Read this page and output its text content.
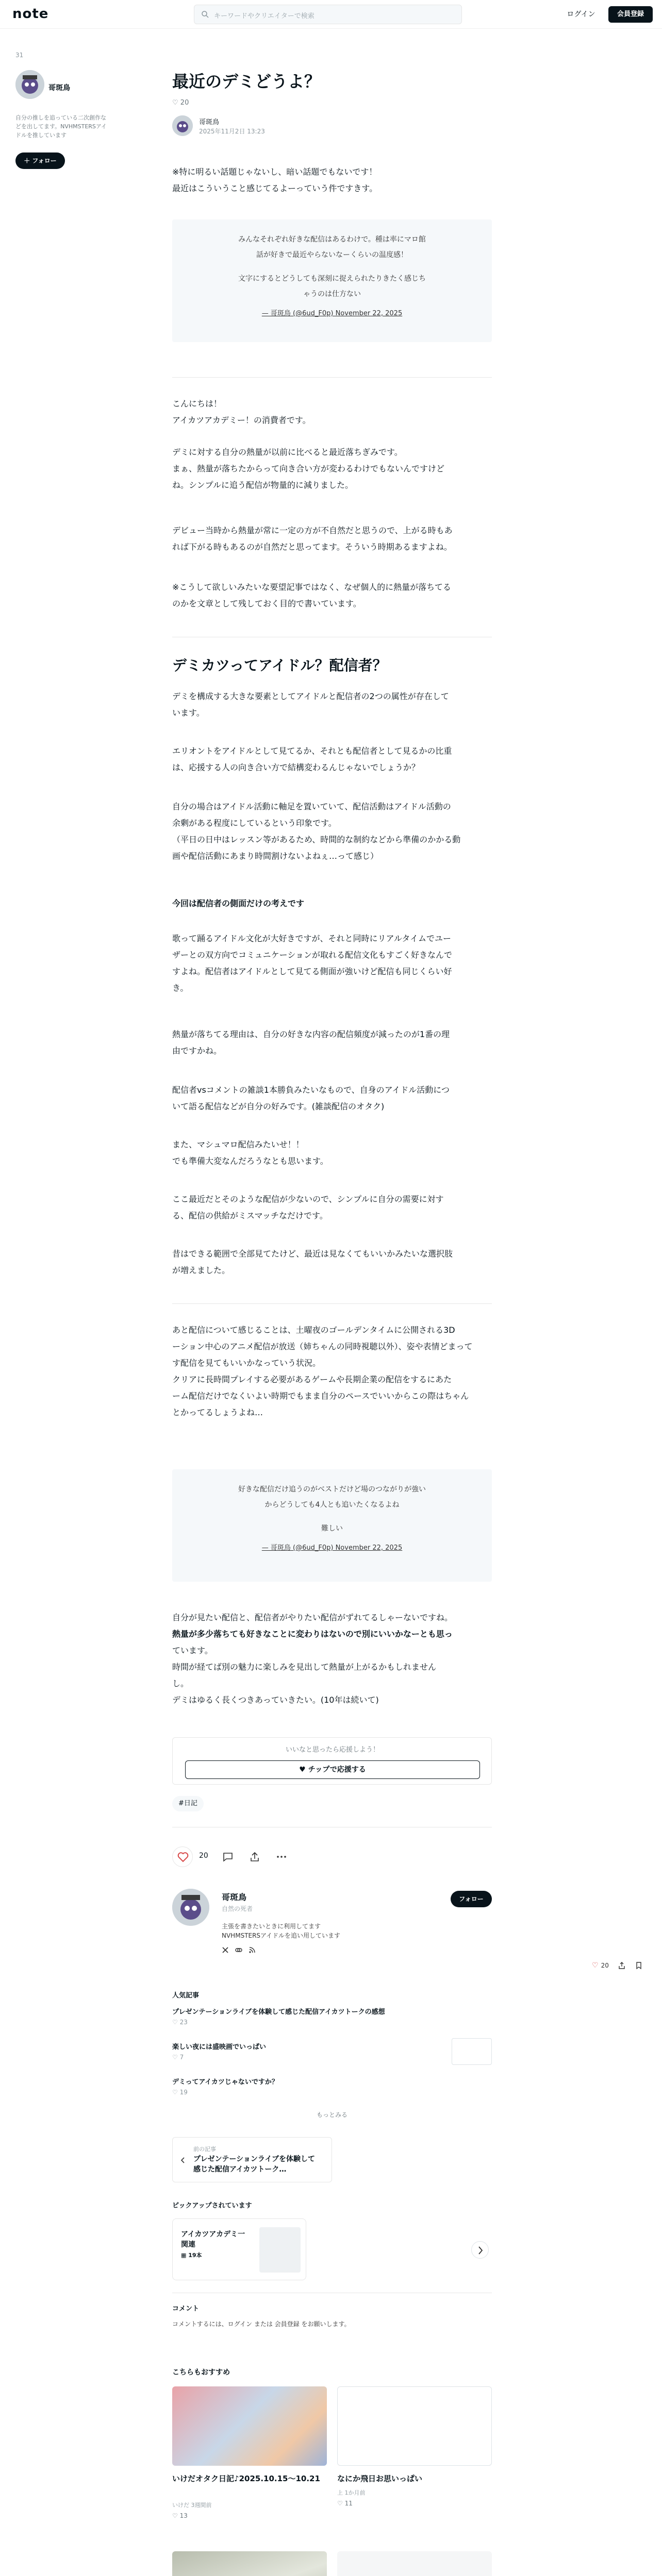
note	キーワードやクリエイターで検索	ログイン	会員登録
31
哥斑鳥
自分の推しを追っている二次創作などを出してます。NVHMSTERSアイドルを推しています
＋ フォロー
最近のデミどうよ？
♡ 20
哥斑鳥
2025年11月2日 13:23
※特に明るい話題じゃないし、暗い話題でもないです！
最近はこういうこと感じてるよーっていう件ですきす。
みんなそれぞれ好きな配信はあるわけで。種は率にマロ館
話が好きで最近やらないなーくらいの温度感！
文字にするとどうしても深刻に捉えられたりきたく感じち
ゃうのは仕方ない
— 哥斑鳥 (@6ud_F0p) November 22, 2025
こんにちは！
アイカツアカデミー！の消費者です。
デミに対する自分の熱量が以前に比べると最近落ちぎみです。
まぁ、熱量が落ちたからって向き合い方が変わるわけでもないんですけど
ね。シンプルに追う配信が物量的に減りました。
デビュー当時から熱量が常に一定の方が不自然だと思うので、上がる時もあ
れば下がる時もあるのが自然だと思ってます。そういう時期あるますよね。
※こうして欲しいみたいな要望記事ではなく、なぜ個人的に熱量が落ちてる
のかを文章として残しておく目的で書いています。
デミカツってアイドル？配信者？
デミを構成する大きな要素としてアイドルと配信者の2つの属性が存在して
います。
エリオントをアイドルとして見てるか、それとも配信者として見るかの比重
は、応援する人の向き合い方で結構変わるんじゃないでしょうか？
自分の場合はアイドル活動に軸足を置いていて、配信活動はアイドル活動の
余剰がある程度にしているという印象です。
（平日の日中はレッスン等があるため、時間的な制約などから準備のかかる動
画や配信活動にあまり時間割けないよねぇ…って感じ）
今回は配信者の側面だけの考えです
歌って踊るアイドル文化が大好きですが、それと同時にリアルタイムでユー
ザーとの双方向でコミュニケーションが取れる配信文化もすごく好きなんで
すよね。配信者はアイドルとして見てる側面が強いけど配信も同じくらい好
き。
熱量が落ちてる理由は、自分の好きな内容の配信頻度が減ったのが1番の理
由ですかね。
配信者vsコメントの雑談1本勝負みたいなもので、自身のアイドル活動につ
いて語る配信などが自分の好みです。(雑談配信のオタク)
また、マシュマロ配信みたいせ！！
でも準備大変なんだろうなとも思います。
ここ最近だとそのような配信が少ないので、シンプルに自分の需要に対す
る、配信の供給がミスマッチなだけです。
昔はできる範囲で全部見てたけど、最近は見なくてもいいかみたいな選択肢
が増えました。
あと配信について感じることは、土曜夜のゴールデンタイムに公開される3D
ーション中心のアニメ配信が放送（姉ちゃんの同時視聴以外）、姿や表情どまって
す配信を見てもいいかなっていう状況。
クリアに長時間プレイする必要があるゲームや長期企業の配信をするにあた
ーム配信だけでなくいよい時期でもまま自分のペースでいいからこの際はちゃん
とかってるしょうよね…
好きな配信だけ追うのがベストだけど場のつながりが強い
からどうしても4人とも追いたくなるよね
難しい
— 哥斑鳥 (@6ud_F0p) November 22, 2025
自分が見たい配信と、配信者がやりたい配信がずれてるしゃーないですね。
熱量が多少落ちても好きなことに変わりはないので別にいいかなーとも思っ
ています。
時間が経てば別の魅力に楽しみを見出して熱量が上がるかもしれません
し。
デミはゆるく長くつきあっていきたい。(10年は続いて)
いいなと思ったら応援しよう！
♥ チップで応援する
#日記
20
哥斑鳥
自然の死者
主張を書きたいときに利用してます
NVHMSTERSアイドルを追い用しています
フォロー
人気記事
プレゼンテーションライブを体験して感じた配信アイカツトークの感想
♡ 23
楽しい夜には盛映画でいっぱい
♡ 7
デミってアイカツじゃないですか？
♡ 19
もっとみる
前の記事
プレゼンテーションライブを体験して感じた配信アイカツトーク…
ピックアップされています
アイカツアカデミ一関連
▦ 19本
コメント
コメントするには、ログイン または 会員登録 をお願いします。
こちらもおすすめ
いけだオタク日記♪2025.10.15〜10.21
いけだ 3週間前
♡ 13
なにか飛日お思いっぱい
上 1か月前
♡ 11
♡ 20
